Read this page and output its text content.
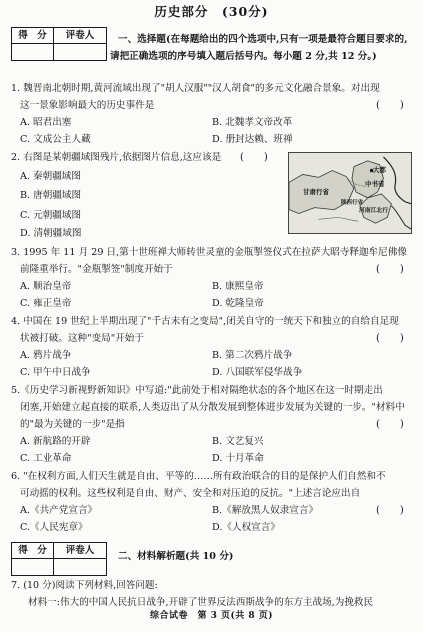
历史部分　(30分)
得　分	评卷人	一、选择题(在每题给出的四个选项中,只有一项是最符合题目要求的,
请把正确选项的序号填入题后括号内。每小题 2 分,共 12 分。)
1. 魏晋南北朝时期,黄河流域出现了"胡人汉服""汉人胡食"的多元文化融合景象。对出现
这一景象影响最大的历史事件是	(　　)
A. 昭君出塞	B. 北魏孝文帝改革
C. 文成公主人藏	D. 册封达赖、班禅
2. 右图是某朝疆域图残片,依据图片信息,这应该是 (　　)
A. 秦朝疆域图
B. 唐朝疆域图
C. 元朝疆域图
D. 清朝疆域图
甘肃行省
陕西行省
大都
中书省
河南江北行
3. 1995 年 11 月 29 日,第十世班禅大师转世灵童的金瓶掣签仪式在拉萨大昭寺释迦牟尼佛像
前隆重举行。"金瓶掣签"制度开始于	(　　)
A. 顺治皇帝	B. 康熙皇帝
C. 雍正皇帝	D. 乾隆皇帝
4. 中国在 19 世纪上半期出现了"千古未有之变局",闭关自守的一统天下和独立的自给自足现
状被打破。这种"变局"开始于	(　　)
A. 鸦片战争	B. 第二次鸦片战争
C. 甲午中日战争	D. 八国联军侵华战争
5.《历史学习新视野新知识》中写道:"此前处于相对隔绝状态的各个地区在这一时期走出
闭塞,开始建立起直接的联系,人类迈出了从分散发展到整体进步发展为关键的一步。"材料中
的"最为关键的一步"是指	(　　)
A. 新航路的开辟	B. 文艺复兴
C. 工业革命	D. 十月革命
6. "在权利方面,人们天生就是自由、平等的……所有政治联合的目的是保护人们自然和不
可动摇的权利。这些权利是自由、财产、安全和对压迫的反抗。"上述言论应出自
(　　)
A.《共产党宣言》	B.《解放黑人奴隶宣言》
C.《人民宪章》	D.《人权宣言》
得　分	评卷人
二、材料解析题(共 10 分)
7. (10 分)阅读下列材料,回答问题:
材料一:伟大的中国人民抗日战争,开辟了世界反法西斯战争的东方主战场,为挽救民
综合试卷　第 3 页(共 8 页)
